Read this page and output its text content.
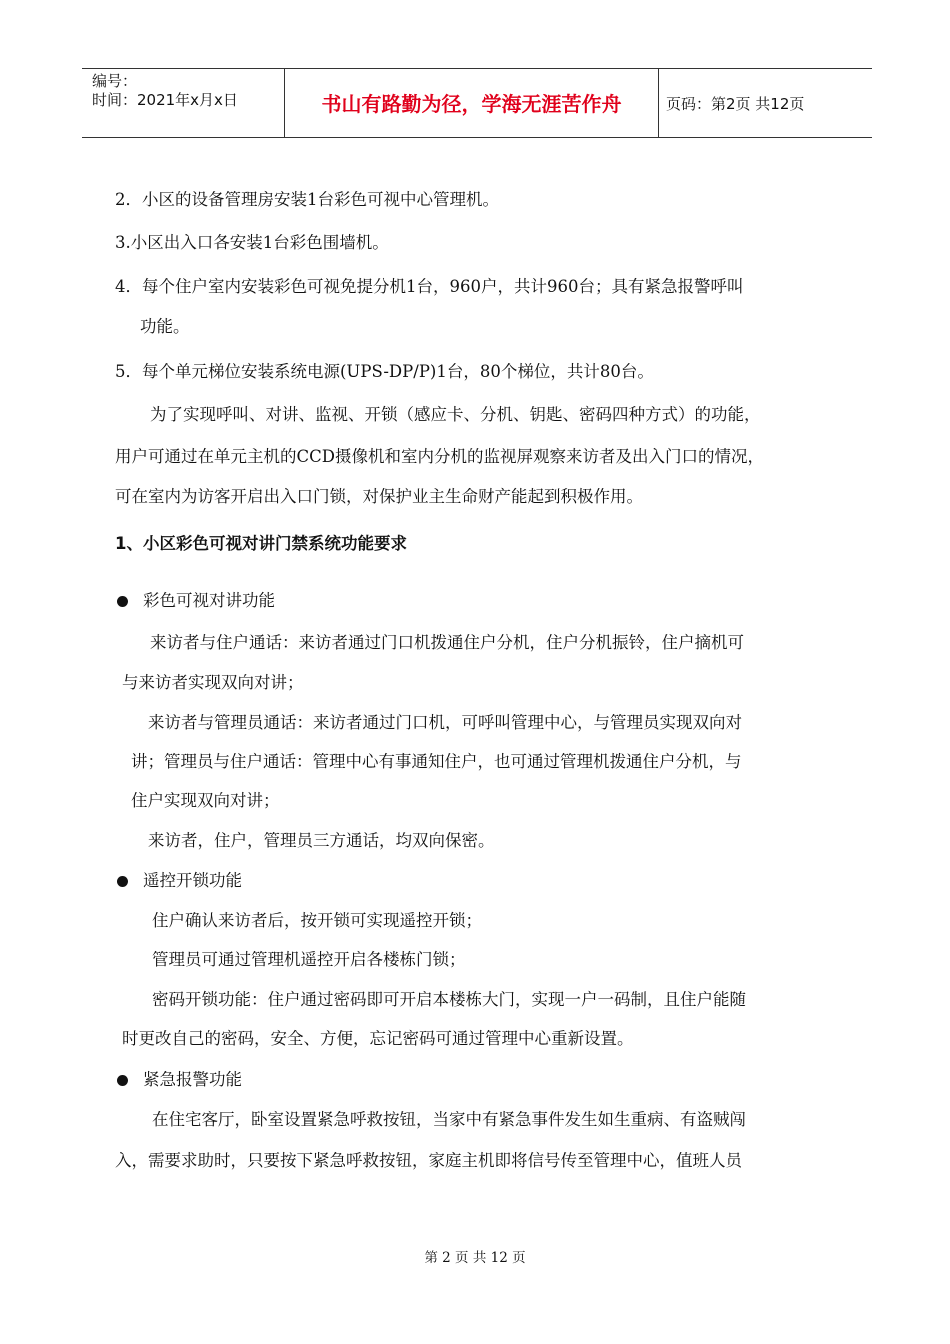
编号：
时间：2021年x月x日	书山有路勤为径，学海无涯苦作舟	页码：第2页 共12页
2．小区的设备管理房安装1台彩色可视中心管理机。
3.小区出入口各安装1台彩色围墙机。
4．每个住户室内安装彩色可视免提分机1台，960户，共计960台；具有紧急报警呼叫
功能。
5．每个单元梯位安装系统电源(UPS-DP/P)1台，80个梯位，共计80台。
为了实现呼叫、对讲、监视、开锁（感应卡、分机、钥匙、密码四种方式）的功能，
用户可通过在单元主机的CCD摄像机和室内分机的监视屏观察来访者及出入门口的情况，
可在室内为访客开启出入口门锁，对保护业主生命财产能起到积极作用。
1、小区彩色可视对讲门禁系统功能要求
彩色可视对讲功能
来访者与住户通话：来访者通过门口机拨通住户分机，住户分机振铃，住户摘机可
与来访者实现双向对讲；
来访者与管理员通话：来访者通过门口机，可呼叫管理中心，与管理员实现双向对
讲；管理员与住户通话：管理中心有事通知住户，也可通过管理机拨通住户分机，与
住户实现双向对讲；
来访者，住户，管理员三方通话，均双向保密。
遥控开锁功能
住户确认来访者后，按开锁可实现遥控开锁；
管理员可通过管理机遥控开启各楼栋门锁；
密码开锁功能：住户通过密码即可开启本楼栋大门，实现一户一码制，且住户能随
时更改自己的密码，安全、方便，忘记密码可通过管理中心重新设置。
紧急报警功能
在住宅客厅，卧室设置紧急呼救按钮，当家中有紧急事件发生如生重病、有盗贼闯
入，需要求助时，只要按下紧急呼救按钮，家庭主机即将信号传至管理中心，值班人员
第 2 页 共 12 页
